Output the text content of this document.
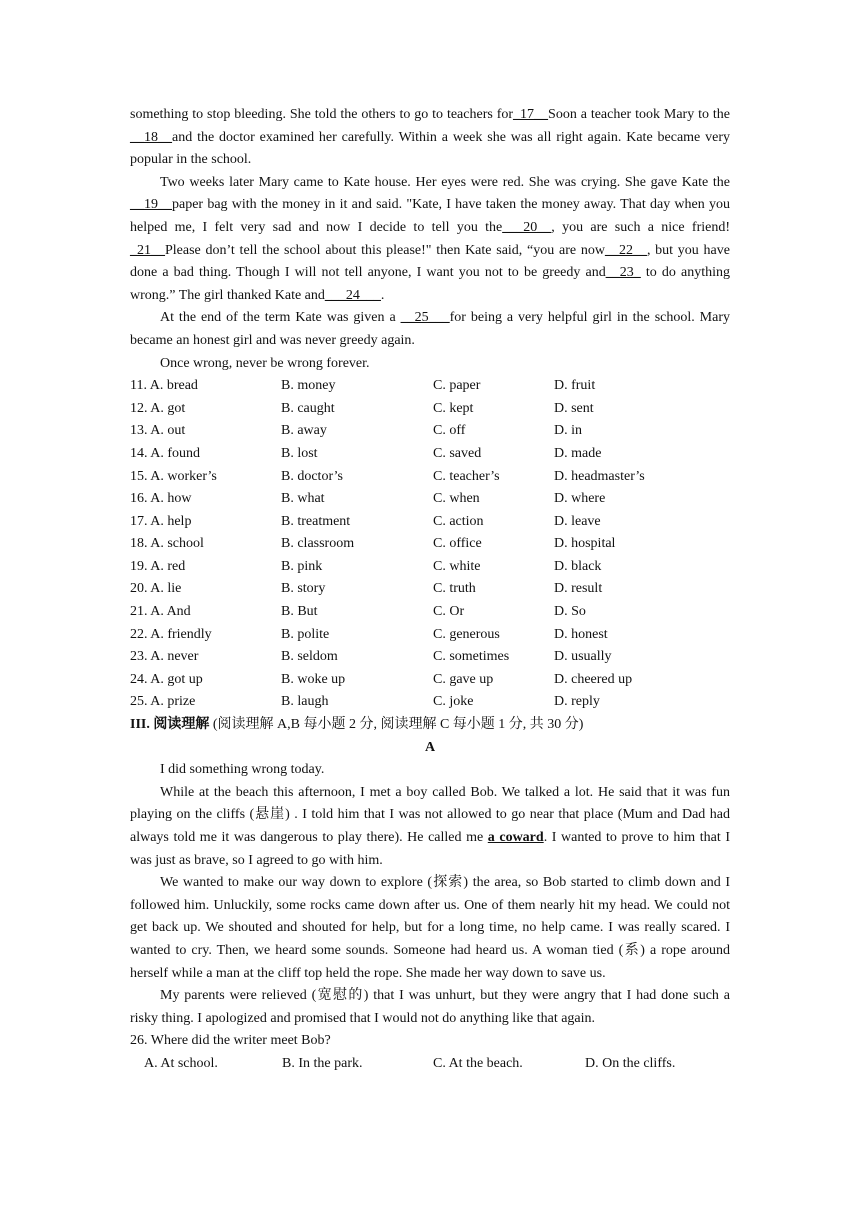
something to stop bleeding. She told the others to go to teachers for_17__Soon a teacher took Mary to the __18__and the doctor examined her carefully. Within a week she was all right again. Kate became very popular in the school.

Two weeks later Mary came to Kate house. Her eyes were red. She was crying. She gave Kate the __19__paper bag with the money in it and said. "Kate, I have taken the money away. That day when you helped me, I felt very sad and now I decide to tell you the___20__, you are such a nice friend! _21__Please don’t tell the school about this please!" then Kate said, “you are now__22__, but you have done a bad thing. Though I will not tell anyone, I want you not to be greedy and__23_ to do anything wrong.” The girl thanked Kate and___24___.

At the end of the term Kate was given a __25___for being a very helpful girl in the school. Mary became an honest girl and was never greedy again.

Once wrong, never be wrong forever.

11. A. bread	B. money	C. paper	D. fruit
12. A. got	B. caught	C. kept	D. sent
13. A. out	B. away	C. off	D. in
14. A. found	B. lost	C. saved	D. made
15. A. worker’s	B. doctor’s	C. teacher’s	D. headmaster’s
16. A. how	B. what	C. when	D. where
17. A. help	B. treatment	C. action	D. leave
18. A. school	B. classroom	C. office	D. hospital
19. A. red	B. pink	C. white	D. black
20. A. lie	B. story	C. truth	D. result
21. A. And	B. But	C. Or	D. So
22. A. friendly	B. polite	C. generous	D. honest
23. A. never	B. seldom	C. sometimes	D. usually
24. A. got up	B. woke up	C. gave up	D. cheered up
25. A. prize	B. laugh	C. joke	D. reply

III. 阅读理解 (阅读理解 A,B 每小题 2 分, 阅读理解 C 每小题 1 分, 共 30 分)

A

I did something wrong today.

While at the beach this afternoon, I met a boy called Bob. We talked a lot. He said that it was fun playing on the cliffs (悬崖) . I told him that I was not allowed to go near that place (Mum and Dad had always told me it was dangerous to play there). He called me a coward. I wanted to prove to him that I was just as brave, so I agreed to go with him.

We wanted to make our way down to explore (探索) the area, so Bob started to climb down and I followed him. Unluckily, some rocks came down after us. One of them nearly hit my head. We could not get back up. We shouted and shouted for help, but for a long time, no help came. I was really scared. I wanted to cry. Then, we heard some sounds. Someone had heard us. A woman tied (系) a rope around herself while a man at the cliff top held the rope. She made her way down to save us.

My parents were relieved (宽慰的) that I was unhurt, but they were angry that I had done such a risky thing. I apologized and promised that I would not do anything like that again.

26. Where did the writer meet Bob?

A. At school.	B. In the park.	C. At the beach.	D. On the cliffs.
